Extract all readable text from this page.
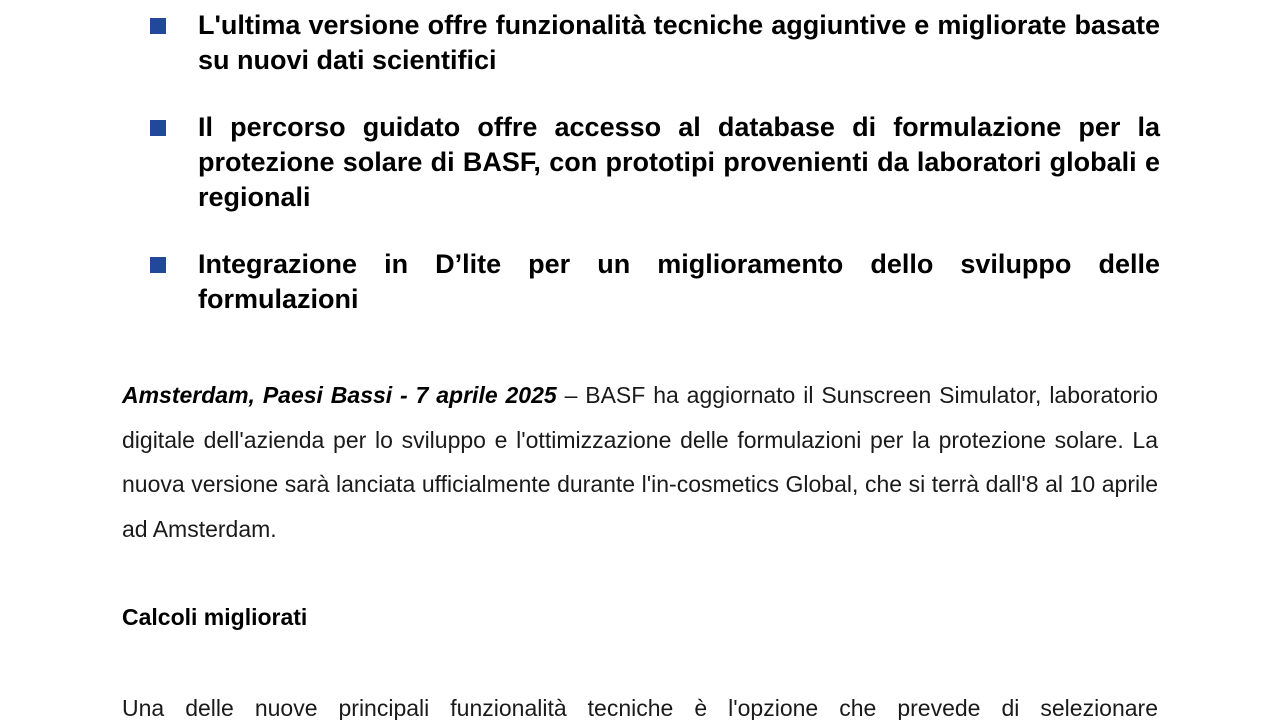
L'ultima versione offre funzionalità tecniche aggiuntive e migliorate basate su nuovi dati scientifici
Il percorso guidato offre accesso al database di formulazione per la protezione solare di BASF, con prototipi provenienti da laboratori globali e regionali
Integrazione in D’lite per un miglioramento dello sviluppo delle formulazioni

Amsterdam, Paesi Bassi - 7 aprile 2025 – BASF ha aggiornato il Sunscreen Simulator, laboratorio digitale dell'azienda per lo sviluppo e l'ottimizzazione delle formulazioni per la protezione solare. La nuova versione sarà lanciata ufficialmente durante l'in-cosmetics Global, che si terrà dall'8 al 10 aprile ad Amsterdam.

Calcoli migliorati

Una delle nuove principali funzionalità tecniche è l'opzione che prevede di selezionare
